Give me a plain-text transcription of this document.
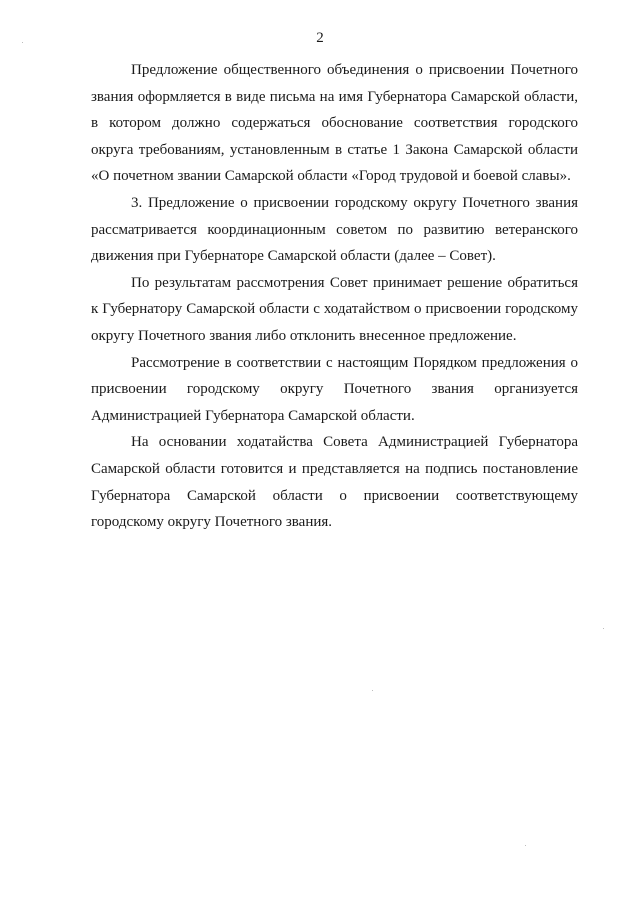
2

Предложение общественного объединения о присвоении Почетного звания оформляется в виде письма на имя Губернатора Самарской области, в котором должно содержаться обоснование соответствия городского округа требованиям, установленным в статье 1 Закона Самарской области «О почетном звании Самарской области «Город трудовой и боевой славы».

3. Предложение о присвоении городскому округу Почетного звания рассматривается координационным советом по развитию ветеранского движения при Губернаторе Самарской области (далее – Совет).

По результатам рассмотрения Совет принимает решение обратиться к Губернатору Самарской области с ходатайством о присвоении городскому округу Почетного звания либо отклонить внесенное предложение.

Рассмотрение в соответствии с настоящим Порядком предложения о присвоении городскому округу Почетного звания организуется Администрацией Губернатора Самарской области.

На основании ходатайства Совета Администрацией Губернатора Самарской области готовится и представляется на подпись постановление Губернатора Самарской области о присвоении соответствующему городскому округу Почетного звания.
